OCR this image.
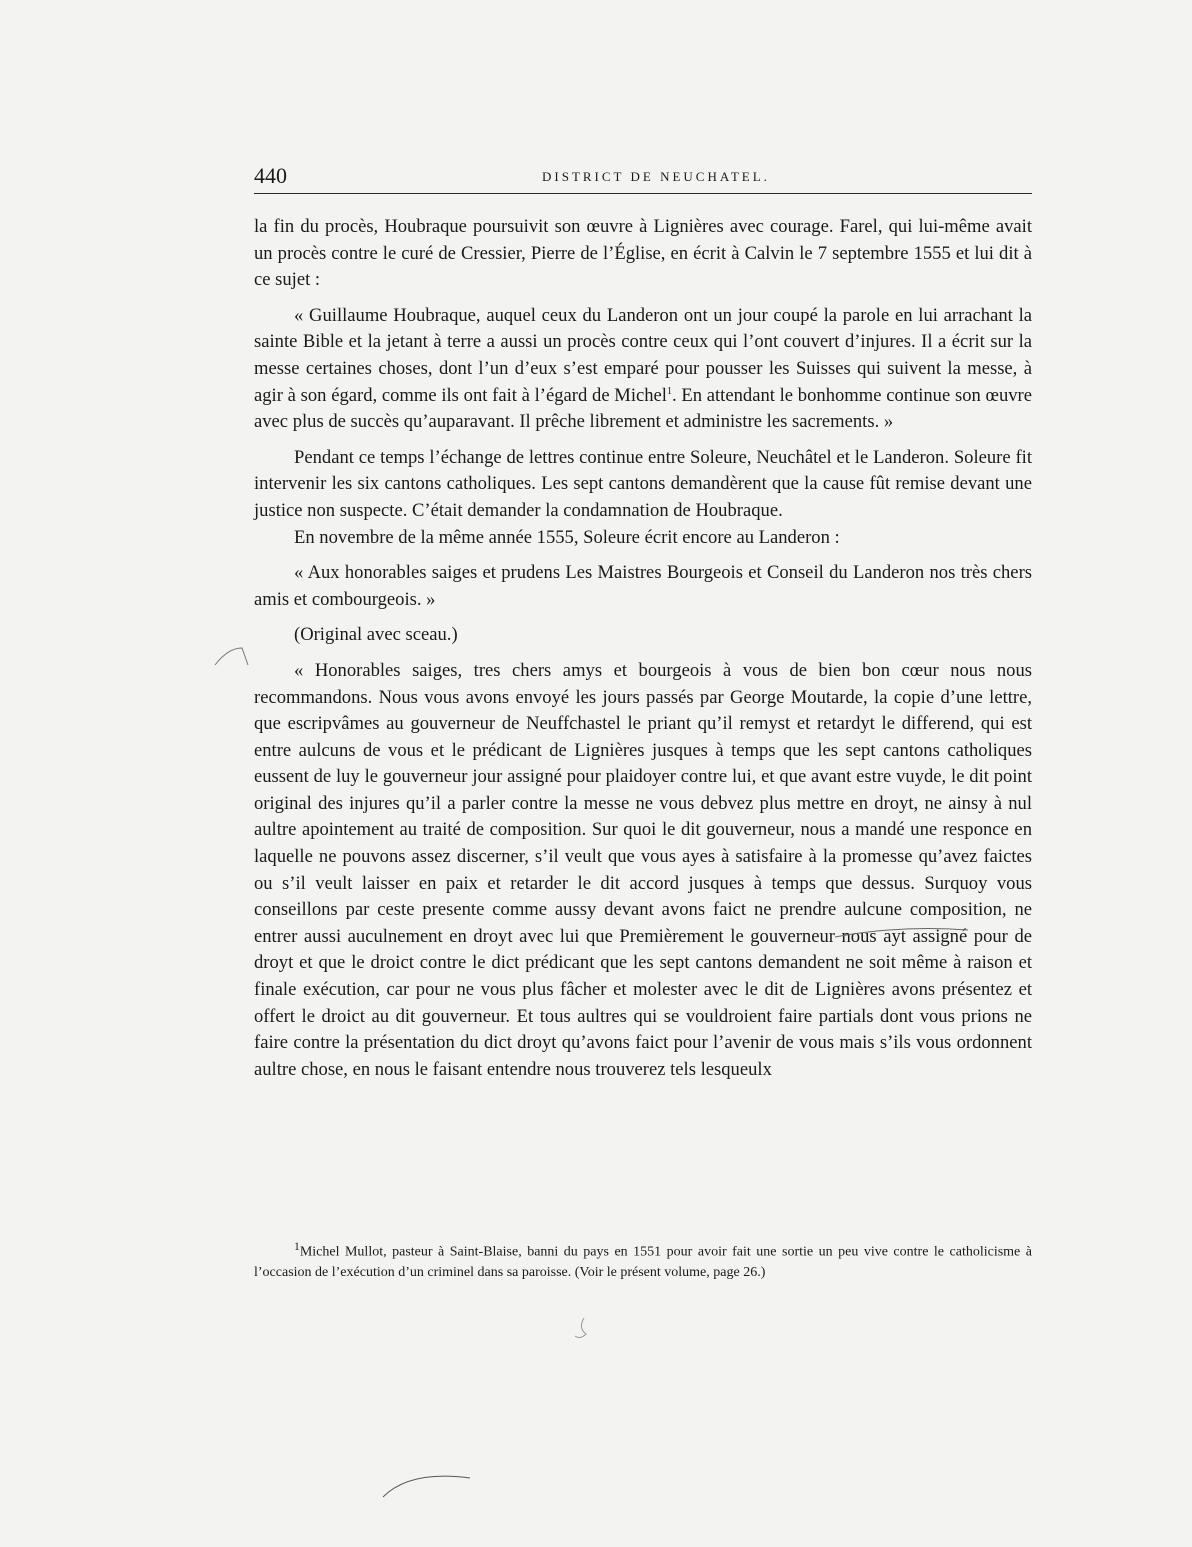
440	DISTRICT DE NEUCHATEL.

la fin du procès, Houbraque poursuivit son œuvre à Lignières avec courage. Farel, qui lui-même avait un procès contre le curé de Cressier, Pierre de l’Église, en écrit à Calvin le 7 septembre 1555 et lui dit à ce sujet :

« Guillaume Houbraque, auquel ceux du Landeron ont un jour coupé la parole en lui arrachant la sainte Bible et la jetant à terre a aussi un procès contre ceux qui l’ont couvert d’injures. Il a écrit sur la messe certaines choses, dont l’un d’eux s’est emparé pour pousser les Suisses qui suivent la messe, à agir à son égard, comme ils ont fait à l’égard de Michel$^1$. En attendant le bonhomme continue son œuvre avec plus de succès qu’auparavant. Il prêche librement et administre les sacrements. »

Pendant ce temps l’échange de lettres continue entre Soleure, Neuchâtel et le Landeron. Soleure fit intervenir les six cantons catholiques. Les sept cantons demandèrent que la cause fût remise devant une justice non suspecte. C’était demander la condamnation de Houbraque.

En novembre de la même année 1555, Soleure écrit encore au Landeron :

« Aux honorables saiges et prudens Les Maistres Bourgeois et Conseil du Landeron nos très chers amis et combourgeois. »

(Original avec sceau.)

« Honorables saiges, tres chers amys et bourgeois à vous de bien bon cœur nous nous recommandons. Nous vous avons envoyé les jours passés par George Moutarde, la copie d’une lettre, que escripvâmes au gouverneur de Neuffchastel le priant qu’il remyst et retardyt le differend, qui est entre aulcuns de vous et le prédicant de Lignières jusques à temps que les sept cantons catholiques eussent de luy le gouverneur jour assigné pour plaidoyer contre lui, et que avant estre vuyde, le dit point original des injures qu’il a parler contre la messe ne vous debvez plus mettre en droyt, ne ainsy à nul aultre apointement au traité de composition. Sur quoi le dit gouverneur, nous a mandé une responce en laquelle ne pouvons assez discerner, s’il veult que vous ayes à satisfaire à la promesse qu’avez faictes ou s’il veult laisser en paix et retarder le dit accord jusques à temps que dessus. Surquoy vous conseillons par ceste presente comme aussy devant avons faict ne prendre aulcune composition, ne entrer aussi auculnement en droyt avec lui que Premièrement le gouverneur nous ayt assigné pour de droyt et que le droict contre le dict prédicant que les sept cantons demandent ne soit même à raison et finale exécution, car pour ne vous plus fâcher et molester avec le dit de Lignières avons présentez et offert le droict au dit gouverneur. Et tous aultres qui se vouldroient faire partials dont vous prions ne faire contre la présentation du dict droyt qu’avons faict pour l’avenir de vous mais s’ils vous ordonnent aultre chose, en nous le faisant entendre nous trouverez tels lesqueulx

$^1$Michel Mullot, pasteur à Saint-Blaise, banni du pays en 1551 pour avoir fait une sortie un peu vive contre le catholicisme à l’occasion de l’exécution d’un criminel dans sa paroisse. (Voir le présent volume, page 26.)
